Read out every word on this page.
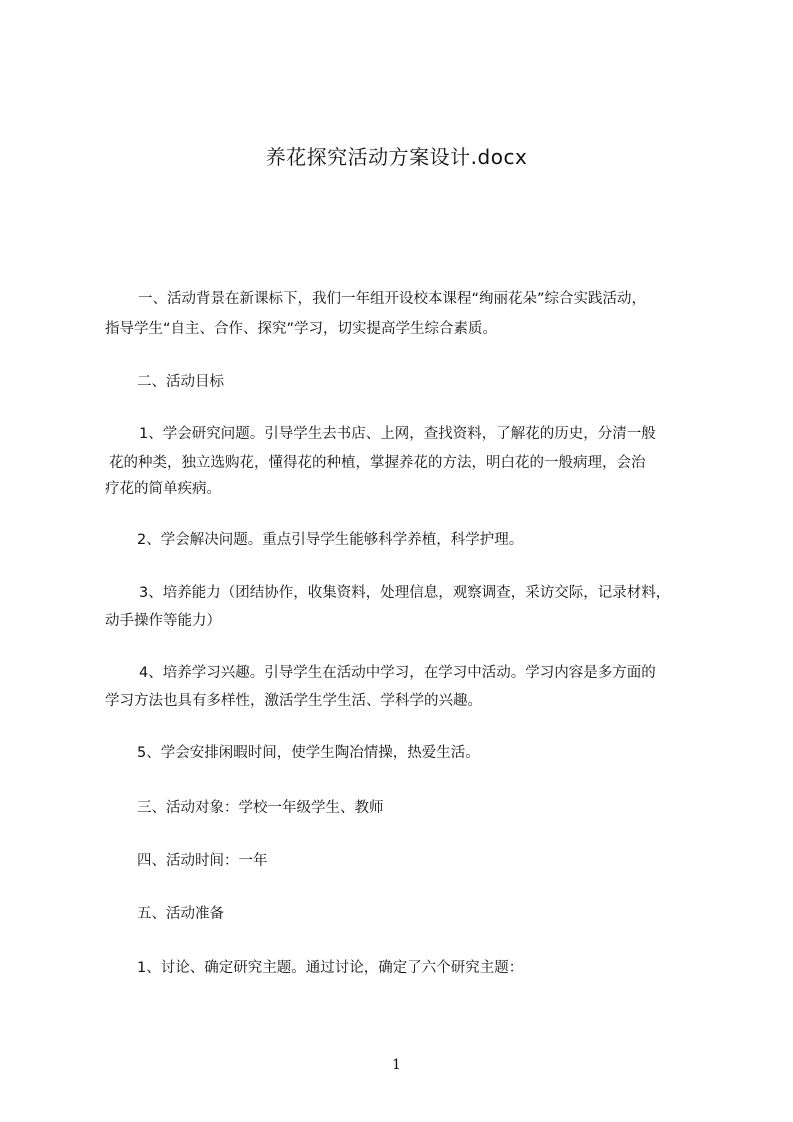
养花探究活动方案设计.docx
一、活动背景在新课标下，我们一年组开设校本课程“绚丽花朵”综合实践活动，
指导学生“自主、合作、探究”学习，切实提高学生综合素质。
二、活动目标
1、学会研究问题。引导学生去书店、上网，查找资料，了解花的历史，分清一般
花的种类，独立选购花，懂得花的种植，掌握养花的方法，明白花的一般病理，会治
疗花的简单疾病。
2、学会解决问题。重点引导学生能够科学养植，科学护理。
3、培养能力（团结协作，收集资料，处理信息，观察调查，采访交际，记录材料，
动手操作等能力）
4、培养学习兴趣。引导学生在活动中学习，在学习中活动。学习内容是多方面的
学习方法也具有多样性，激活学生学生活、学科学的兴趣。
5、学会安排闲暇时间，使学生陶冶情操，热爱生活。
三、活动对象：学校一年级学生、教师
四、活动时间：一年
五、活动准备
1、讨论、确定研究主题。通过讨论，确定了六个研究主题：
1
